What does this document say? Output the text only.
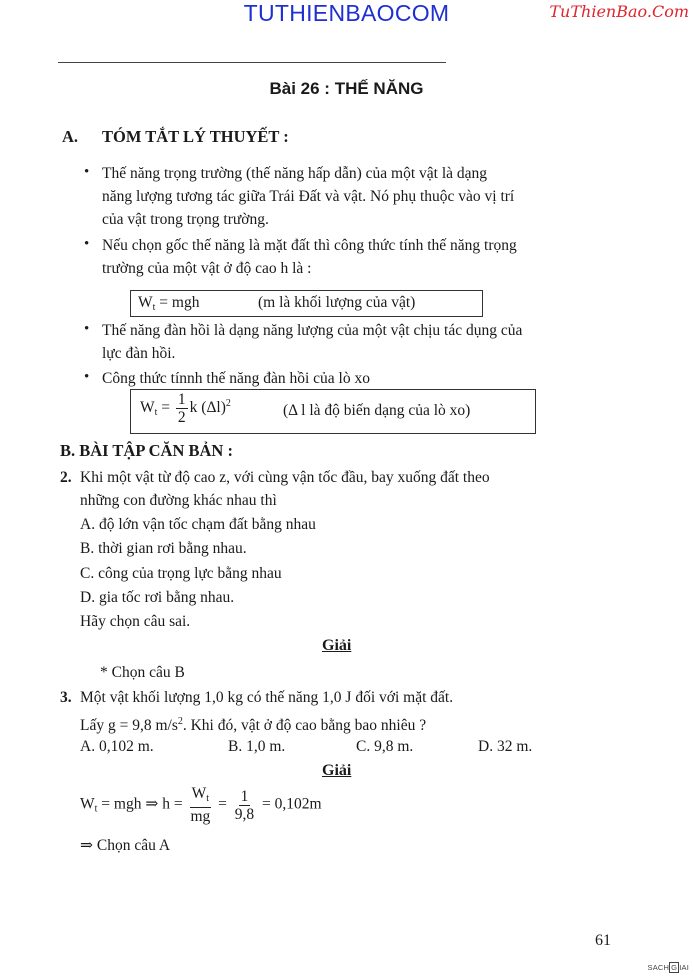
TUTHIENBAOCOM	TuThienBao.Com
Bài 26 : THẾ NĂNG
A. TÓM TẮT LÝ THUYẾT :
• Thế năng trọng trường (thế năng hấp dẫn) của một vật là dạng
năng lượng tương tác giữa Trái Đất và vật. Nó phụ thuộc vào vị trí
của vật trong trọng trường.
• Nếu chọn gốc thế năng là mặt đất thì công thức tính thế năng trọng
trường của một vật ở độ cao h là :
$W_t$ = mgh	(m là khối lượng của vật)
• Thế năng đàn hồi là dạng năng lượng của một vật chịu tác dụng của
lực đàn hồi.
• Công thức tínnh thế năng đàn hồi của lò xo
$W_t = \frac{1}{2}$ k $(\Delta l)^2$	(Δ l là độ biến dạng của lò xo)
B. BÀI TẬP CĂN BẢN :
2. Khi một vật từ độ cao z, với cùng vận tốc đầu, bay xuống đất theo
những con đường khác nhau thì
A. độ lớn vận tốc chạm đất bằng nhau
B. thời gian rơi bằng nhau.
C. công của trọng lực bằng nhau
D. gia tốc rơi bằng nhau.
Hãy chọn câu sai.
Giải
* Chọn câu B
3. Một vật khối lượng 1,0 kg có thế năng 1,0 J đối với mặt đất.
Lấy g = 9,8 $m/s^2$. Khi đó, vật ở độ cao bằng bao nhiêu ?
A. 0,102 m.	B. 1,0 m.	C. 9,8 m.	D. 32 m.
Giải
$W_t$ = mgh ⇒ $h = \frac{W_t}{mg} = \frac{1}{9,8} = 0,102m$
⇒ Chọn câu A
61
SACH G IAI
